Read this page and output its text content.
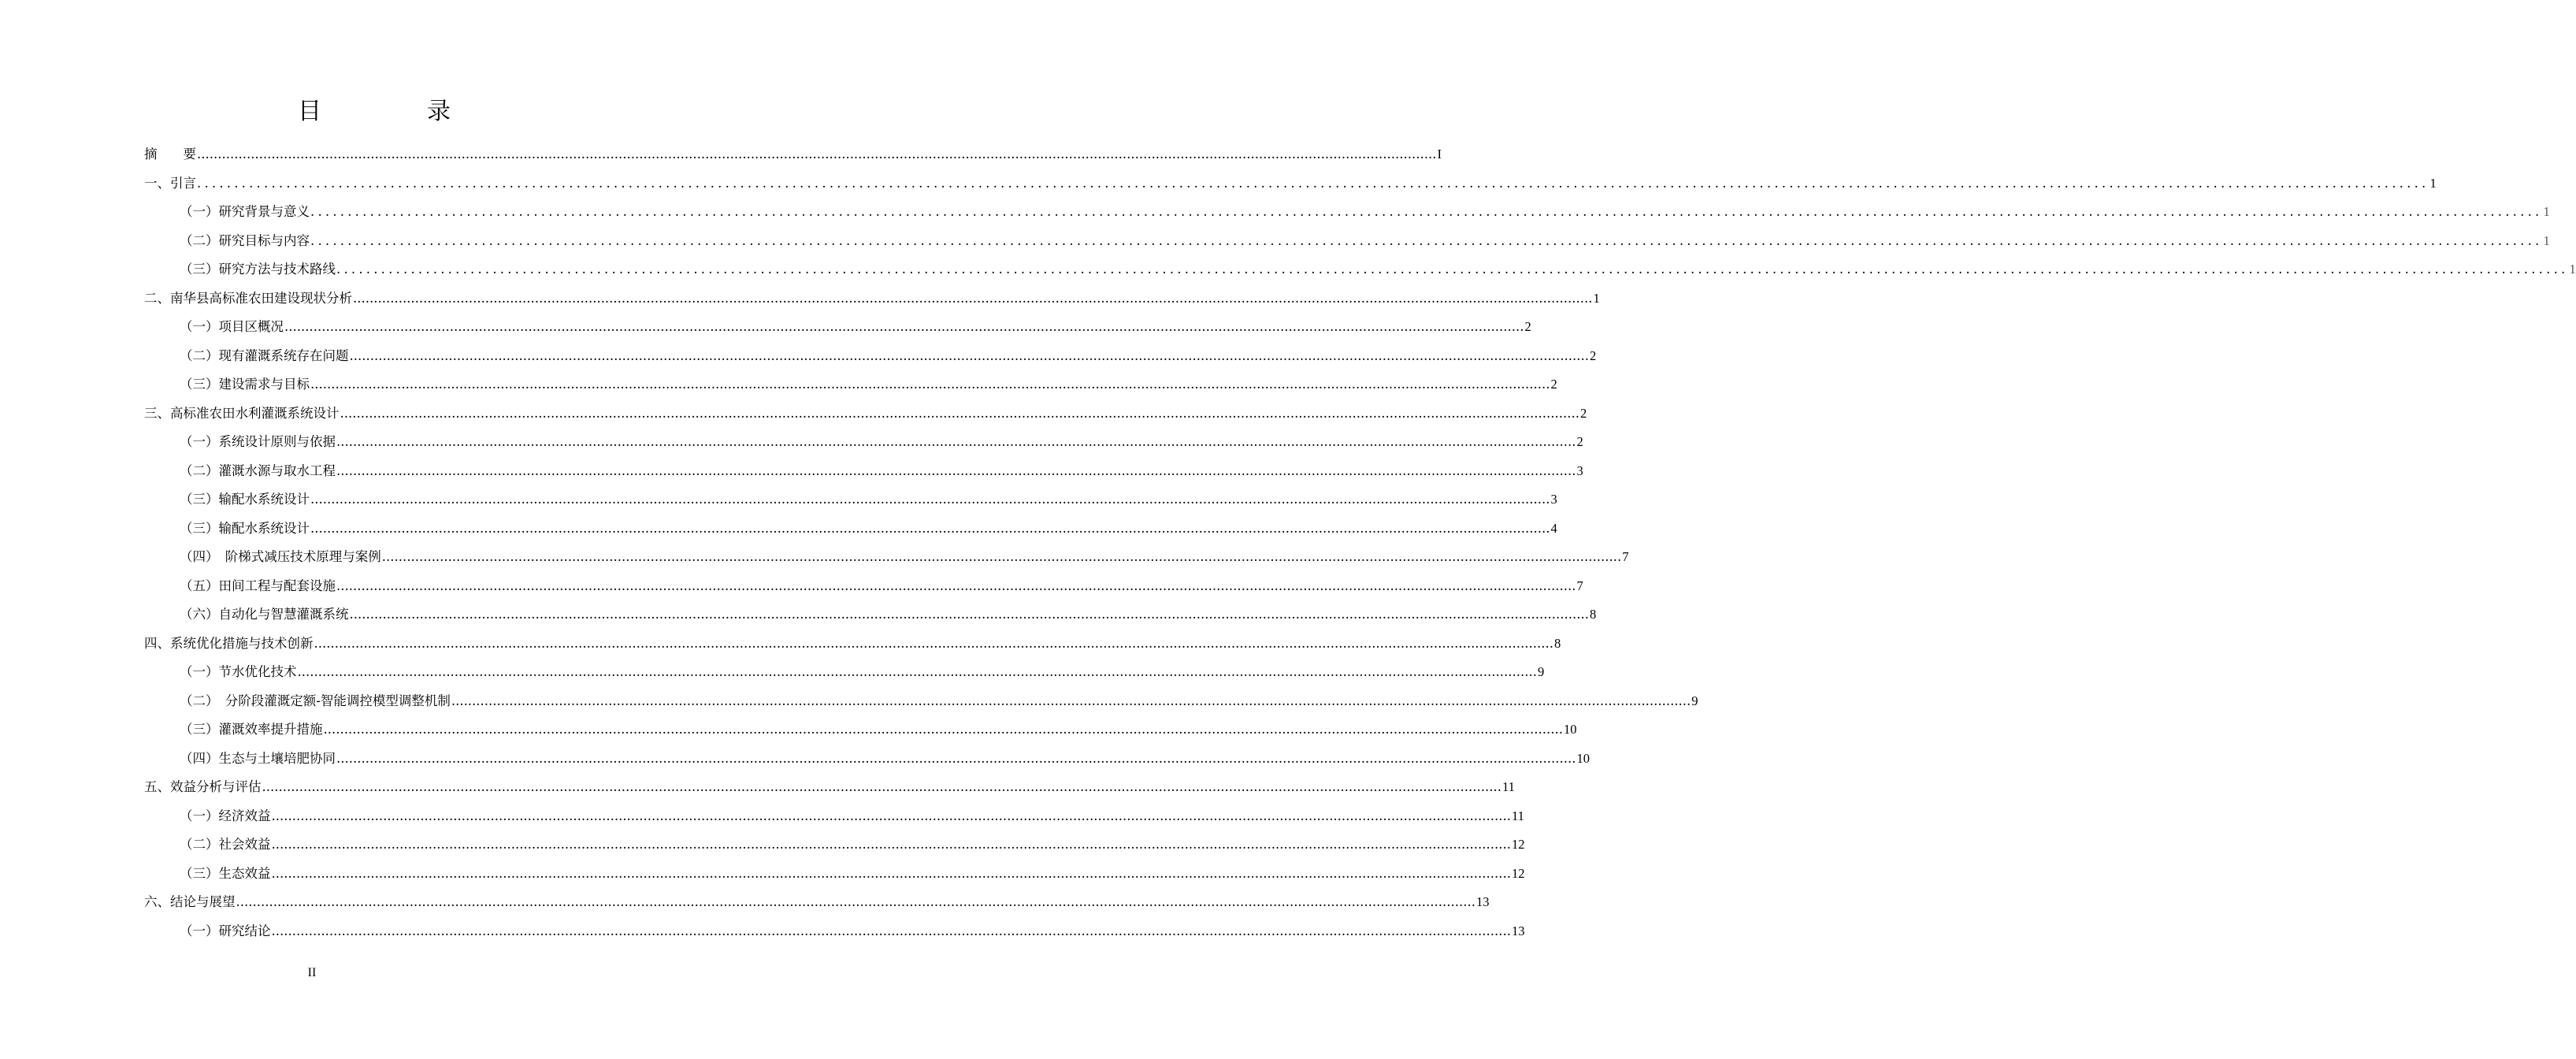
目　录
摘　　要 ............................................................................................................................................................................................................................................................................................................ I
一、引言 ............................................................................................................................................................................................................................................................................................................ 1
（一）研究背景与意义 ............................................................................................................................................................................................................................................................................................................ 1
（二）研究目标与内容 ............................................................................................................................................................................................................................................................................................................ 1
（三）研究方法与技术路线 ............................................................................................................................................................................................................................................................................................................ 1
二、南华县高标准农田建设现状分析 ............................................................................................................................................................................................................................................................................................................ 1
（一）项目区概况 ............................................................................................................................................................................................................................................................................................................ 2
（二）现有灌溉系统存在问题 ............................................................................................................................................................................................................................................................................................................ 2
（三）建设需求与目标 ............................................................................................................................................................................................................................................................................................................ 2
三、高标准农田水利灌溉系统设计 ............................................................................................................................................................................................................................................................................................................ 2
（一）系统设计原则与依据 ............................................................................................................................................................................................................................................................................................................ 2
（二）灌溉水源与取水工程 ............................................................................................................................................................................................................................................................................................................ 3
（三）输配水系统设计 ............................................................................................................................................................................................................................................................................................................ 3
（三）输配水系统设计 ............................................................................................................................................................................................................................................................................................................ 4
（四）　阶梯式减压技术原理与案例 ............................................................................................................................................................................................................................................................................................................ 7
（五）田间工程与配套设施 ............................................................................................................................................................................................................................................................................................................ 7
（六）自动化与智慧灌溉系统 ............................................................................................................................................................................................................................................................................................................ 8
四、系统优化措施与技术创新 ............................................................................................................................................................................................................................................................................................................ 8
（一）节水优化技术 ............................................................................................................................................................................................................................................................................................................ 9
（二）　分阶段灌溉定额-智能调控模型调整机制 ............................................................................................................................................................................................................................................................................................................ 9
（三）灌溉效率提升措施 ............................................................................................................................................................................................................................................................................................................ 10
（四）生态与土壤培肥协同 ............................................................................................................................................................................................................................................................................................................ 10
五、效益分析与评估 ............................................................................................................................................................................................................................................................................................................ 11
（一）经济效益 ............................................................................................................................................................................................................................................................................................................ 11
（二）社会效益 ............................................................................................................................................................................................................................................................................................................ 12
（三）生态效益 ............................................................................................................................................................................................................................................................................................................ 12
六、结论与展望 ............................................................................................................................................................................................................................................................................................................ 13
（一）研究结论 ............................................................................................................................................................................................................................................................................................................ 13
II
